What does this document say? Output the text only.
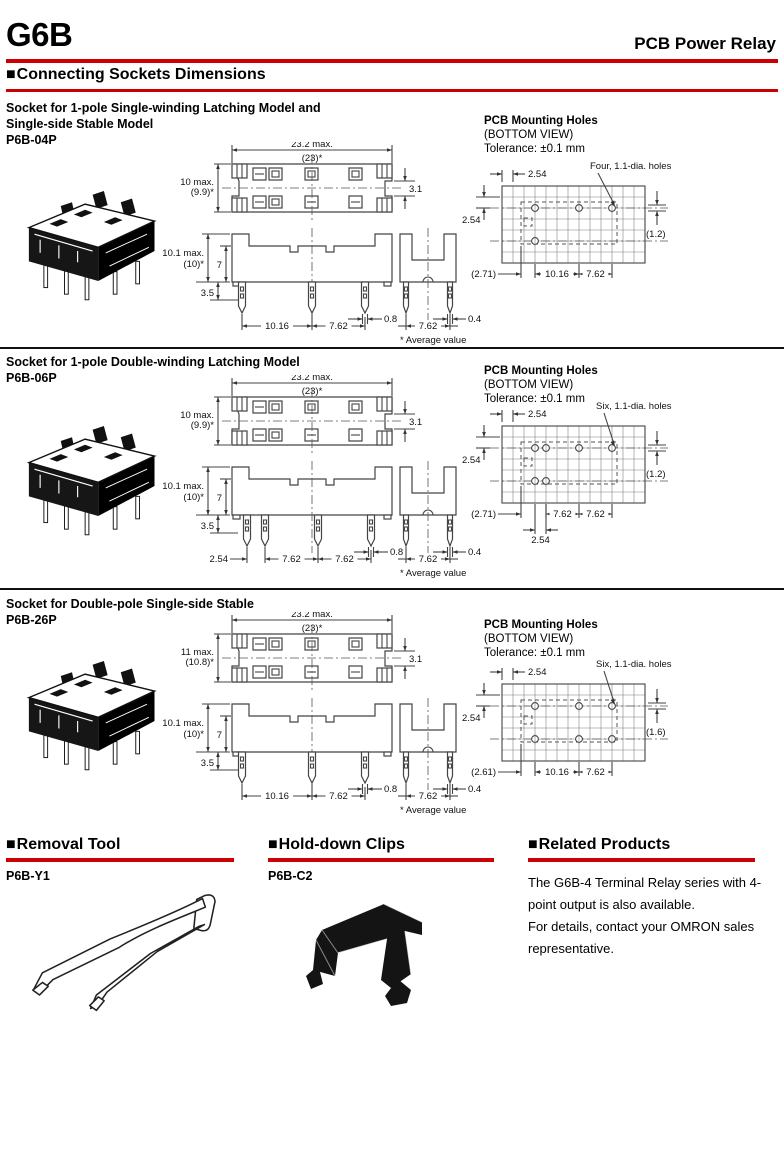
G6B	PCB Power Relay
■Connecting Sockets Dimensions
Socket for 1-pole Single-winding Latching Model and
Single-side Stable Model
P6B-04P	23.2 max.
(23)*
10 max.
(9.9)*	3.1
10.1 max.
(10)* 7
3.5
10.16	7.62
0.8
7.62
0.4
* Average value
PCB Mounting Holes
(BOTTOM VIEW)
Tolerance: ±0.1 mm
Four, 1.1-dia. holes
2.54
2.54
(1.2)
(2.71)	10.16 7.62
Socket for 1-pole Double-winding Latching Model
P6B-06P	23.2 max.
(23)*
10 max.
(9.9)*	3.1
10.1 max.
(10)* 7
3.5
7.62	7.62
2.54
0.8
7.62
0.4
* Average value
PCB Mounting Holes
(BOTTOM VIEW)
Tolerance: ±0.1 mm
Six, 1.1-dia. holes
2.54
2.54
(1.2)
(2.71)	7.62 7.62
2.54
Socket for Double-pole Single-side Stable
P6B-26P	23.2 max.
(23)*
11 max.
(10.8)*	3.1
10.1 max.
(10)* 7
3.5
10.16	7.62
0.8
7.62
0.4
* Average value
PCB Mounting Holes
(BOTTOM VIEW)
Tolerance: ±0.1 mm
Six, 1.1-dia. holes
2.54
2.54
(1.6)
(2.61)	10.16 7.62
■Removal Tool
P6B-Y1
■Hold-down Clips
P6B-C2
■Related Products

The G6B-4 Terminal Relay series with 4-point output is also available.

For details, contact your OMRON sales representative.
